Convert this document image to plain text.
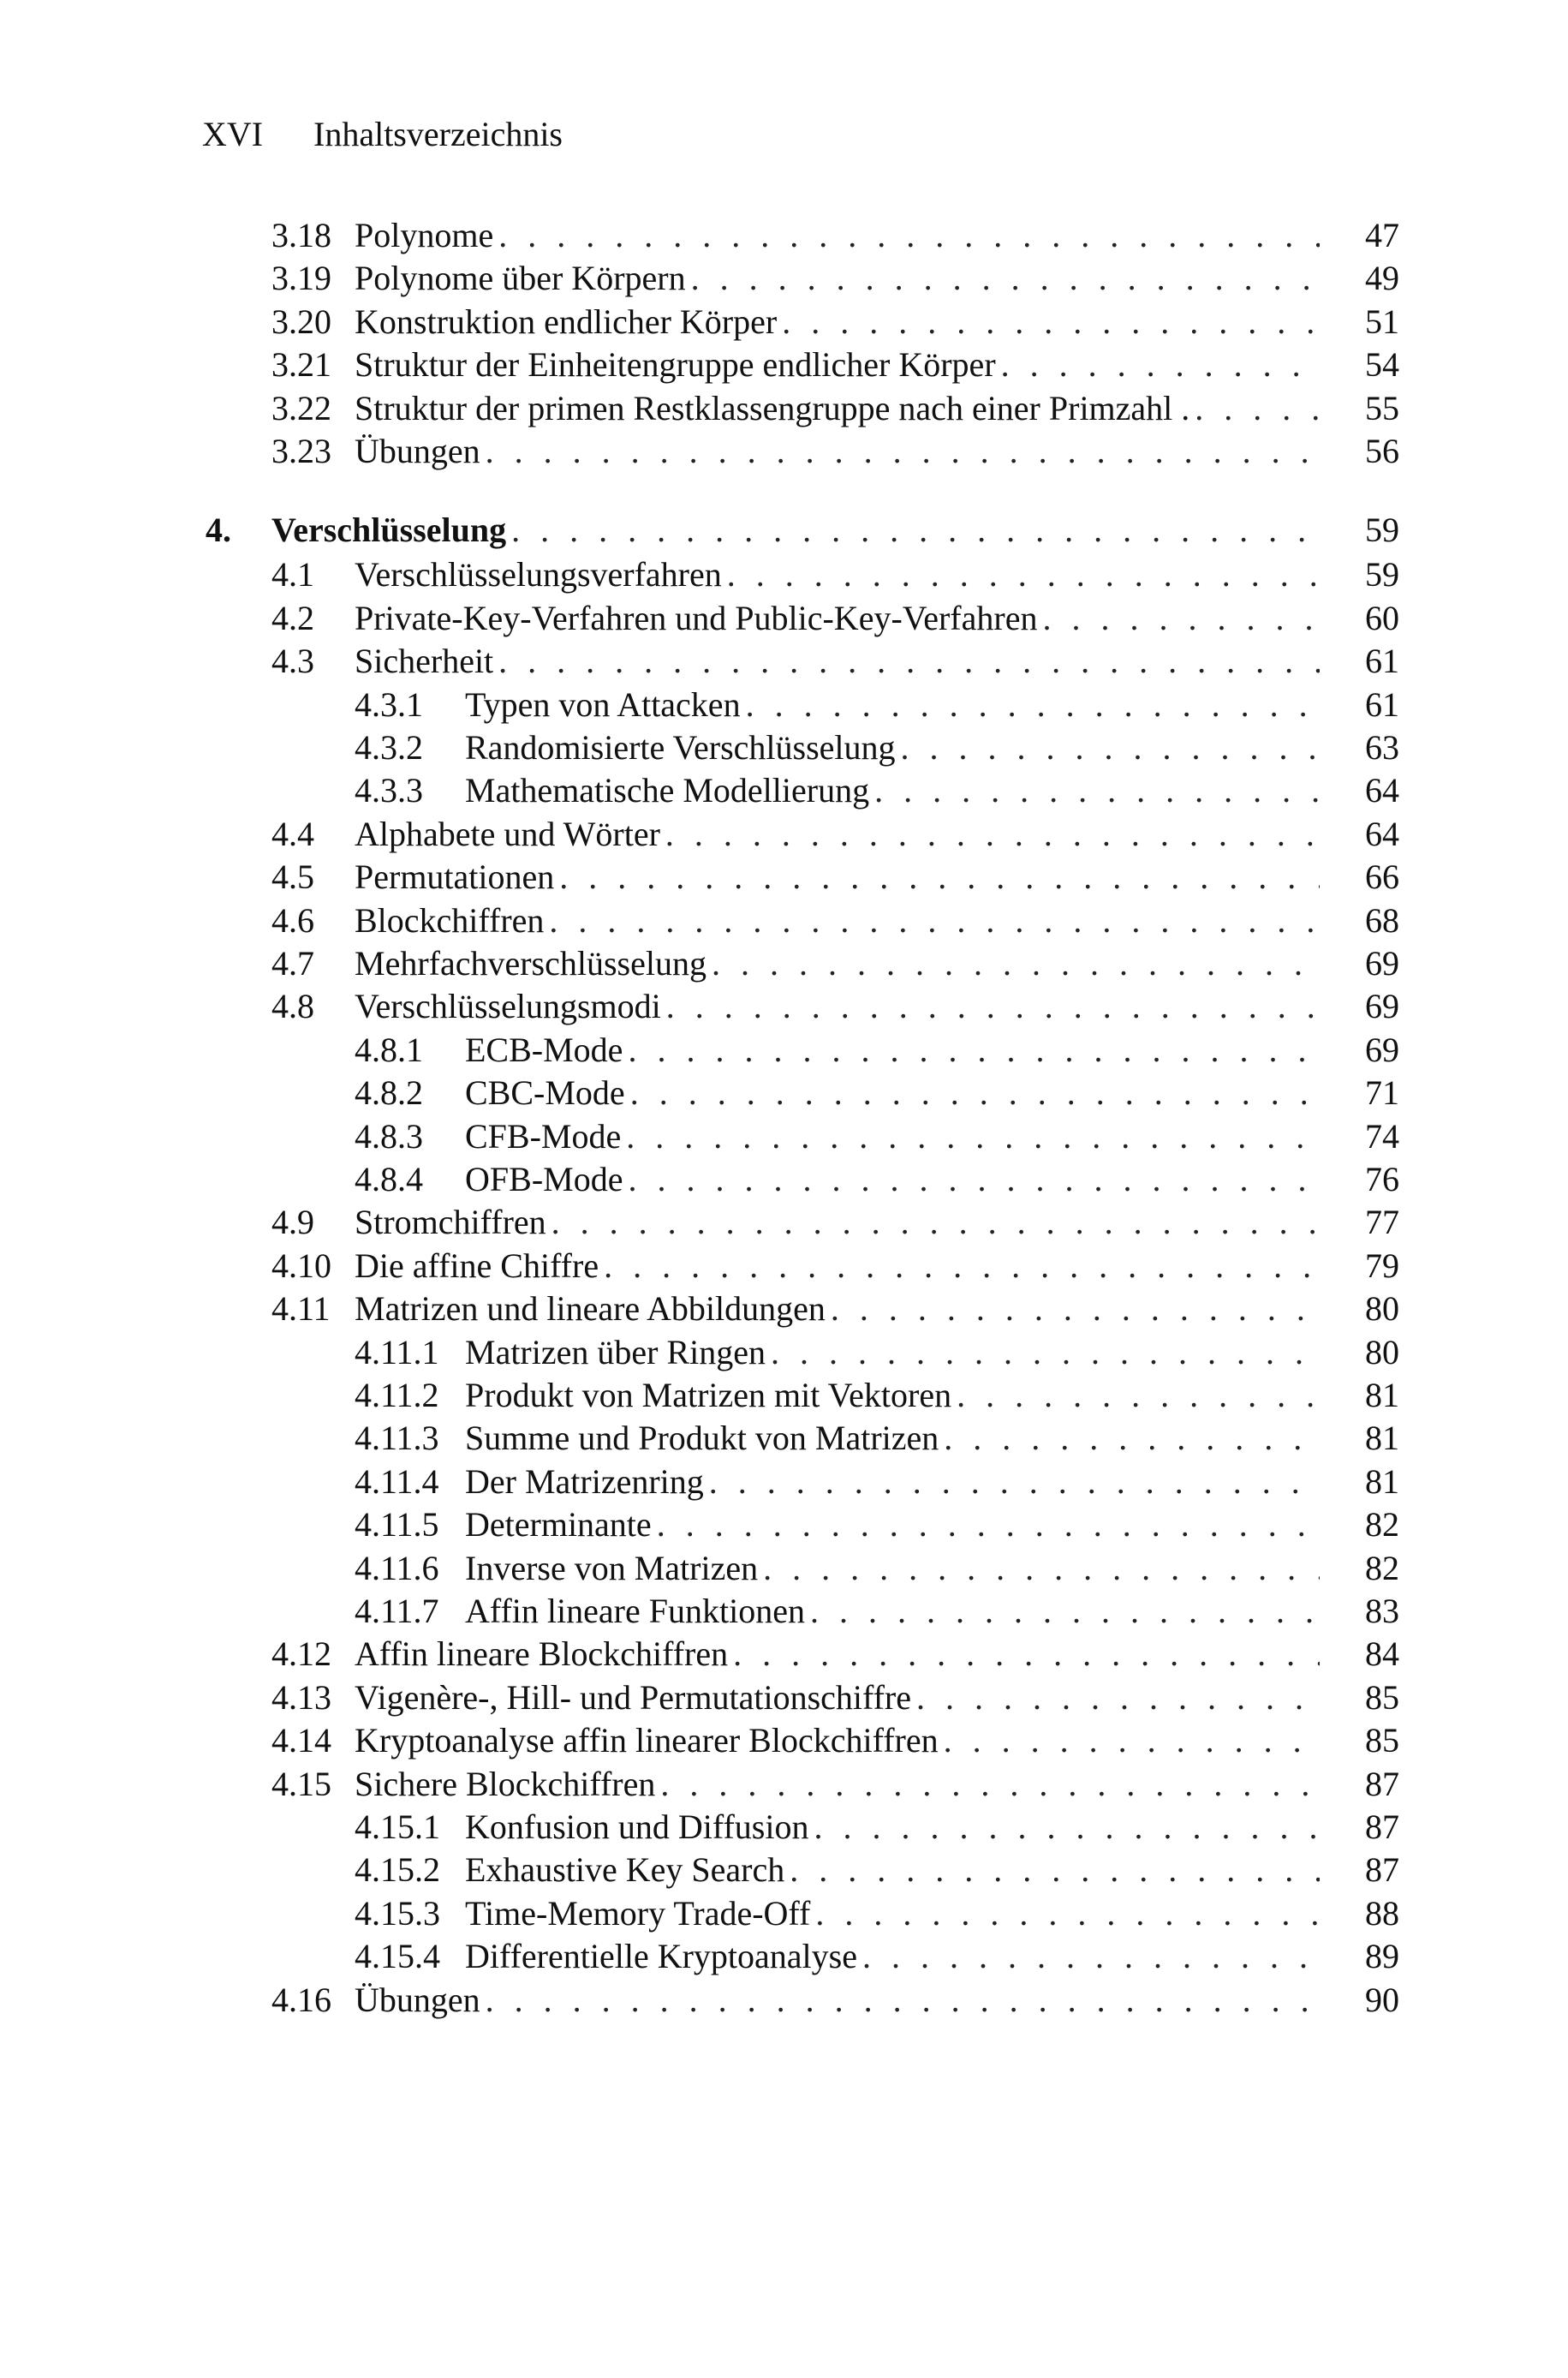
XVI Inhaltsverzeichnis
3.18 Polynome . . .	47
3.19 Polynome über Körpern . . .	49
3.20 Konstruktion endlicher Körper . . .	51
3.21 Struktur der Einheitengruppe endlicher Körper . . .	54
3.22 Struktur der primen Restklassengruppe nach einer Primzahl . . . .	55
3.23 Übungen . . .	56
4. Verschlüsselung . . .	59
4.1 Verschlüsselungsverfahren . . .	59
4.2 Private-Key-Verfahren und Public-Key-Verfahren . . .	60
4.3 Sicherheit . . .	61
4.3.1 Typen von Attacken . . .	61
4.3.2 Randomisierte Verschlüsselung . . .	63
4.3.3 Mathematische Modellierung . . .	64
4.4 Alphabete und Wörter . . .	64
4.5 Permutationen . . .	66
4.6 Blockchiffren . . .	68
4.7 Mehrfachverschlüsselung . . .	69
4.8 Verschlüsselungsmodi . . .	69
4.8.1 ECB-Mode . . .	69
4.8.2 CBC-Mode . . .	71
4.8.3 CFB-Mode . . .	74
4.8.4 OFB-Mode . . .	76
4.9 Stromchiffren . . .	77
4.10 Die affine Chiffre . . .	79
4.11 Matrizen und lineare Abbildungen . . .	80
4.11.1 Matrizen über Ringen . . .	80
4.11.2 Produkt von Matrizen mit Vektoren . . .	81
4.11.3 Summe und Produkt von Matrizen . . .	81
4.11.4 Der Matrizenring . . .	81
4.11.5 Determinante . . .	82
4.11.6 Inverse von Matrizen . . .	82
4.11.7 Affin lineare Funktionen . . .	83
4.12 Affin lineare Blockchiffren . . .	84
4.13 Vigenère-, Hill- und Permutationschiffre . . .	85
4.14 Kryptoanalyse affin linearer Blockchiffren . . .	85
4.15 Sichere Blockchiffren . . .	87
4.15.1 Konfusion und Diffusion . . .	87
4.15.2 Exhaustive Key Search . . .	87
4.15.3 Time-Memory Trade-Off . . .	88
4.15.4 Differentielle Kryptoanalyse . . .	89
4.16 Übungen . . .	90
